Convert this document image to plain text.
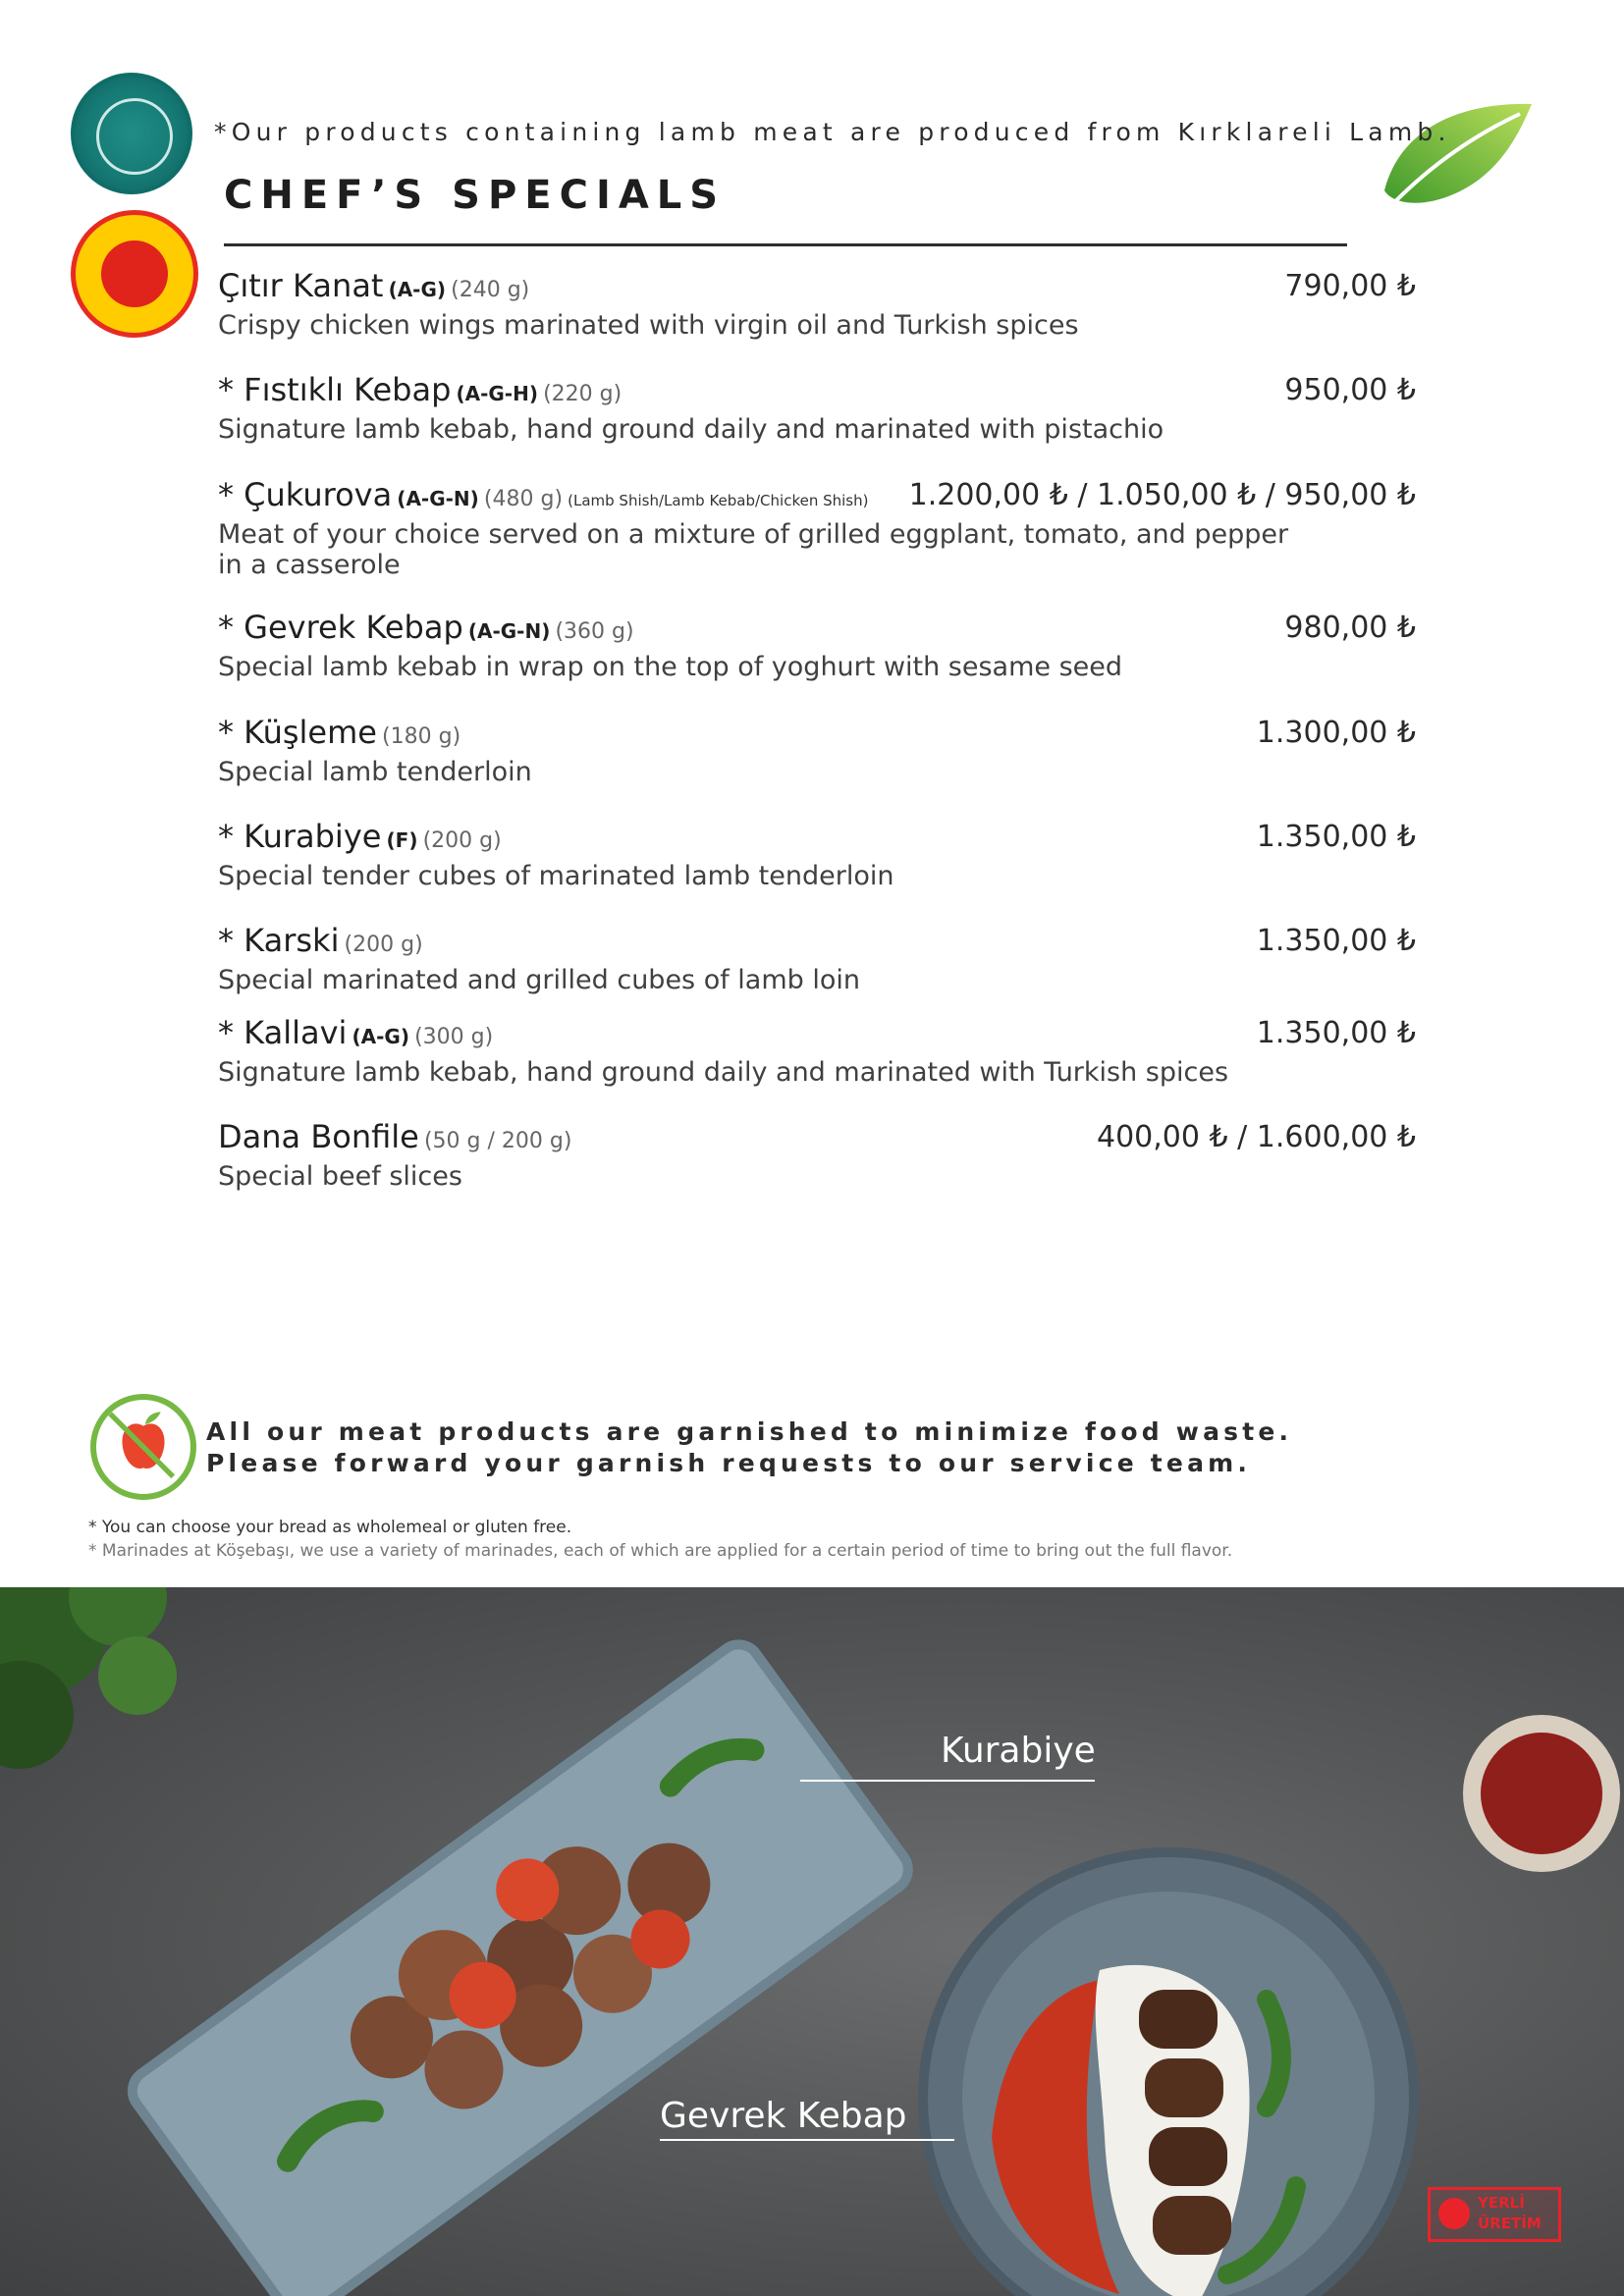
*Our products containing lamb meat are produced from Kırklareli Lamb.
CHEF’S SPECIALS
Çıtır Kanat (A-G) (240 g)	790,00 ₺
Crispy chicken wings marinated with virgin oil and Turkish spices
* Fıstıklı Kebap (A-G-H) (220 g)	950,00 ₺
Signature lamb kebab, hand ground daily and marinated with pistachio
* Çukurova (A-G-N) (480 g) (Lamb Shish/Lamb Kebab/Chicken Shish) 1.200,00 ₺ / 1.050,00 ₺ / 950,00 ₺
Meat of your choice served on a mixture of grilled eggplant, tomato, and pepper in a casserole
* Gevrek Kebap (A-G-N) (360 g)	980,00 ₺
Special lamb kebab in wrap on the top of yoghurt with sesame seed
* Küşleme (180 g)	1.300,00 ₺
Special lamb tenderloin
* Kurabiye (F) (200 g)	1.350,00 ₺
Special tender cubes of marinated lamb tenderloin
* Karski (200 g)	1.350,00 ₺
Special marinated and grilled cubes of lamb loin
* Kallavi (A-G) (300 g)	1.350,00 ₺
Signature lamb kebab, hand ground daily and marinated with Turkish spices
Dana Bonfile (50 g / 200 g)	400,00 ₺ / 1.600,00 ₺
Special beef slices
All our meat products are garnished to minimize food waste.
Please forward your garnish requests to our service team.
* You can choose your bread as wholemeal or gluten free.
* Marinades at Köşebaşı, we use a variety of marinades, each of which are applied for a certain period of time to bring out the full flavor.
Kurabiye
Gevrek Kebap
YERLİ
ÜRETİM
